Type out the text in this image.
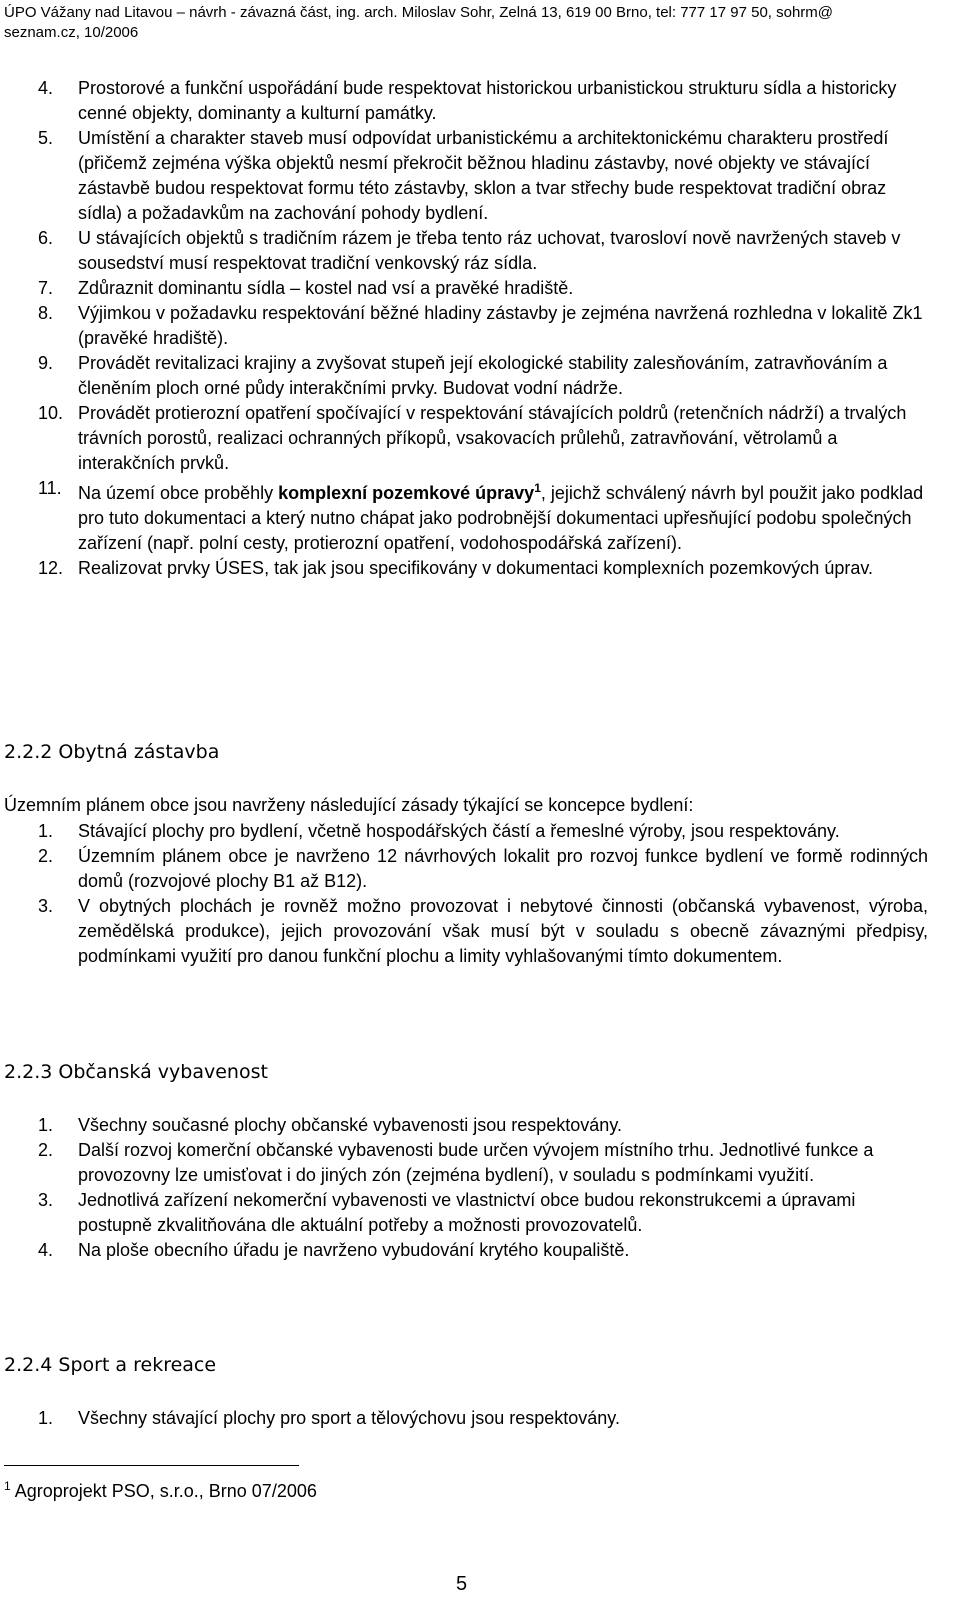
ÚPO Vážany nad Litavou – návrh - závazná část, ing. arch. Miloslav Sohr, Zelná 13, 619 00 Brno, tel: 777 17 97 50, sohrm@
seznam.cz, 10/2006
4. Prostorové a funkční uspořádání bude respektovat historickou urbanistickou strukturu sídla a historicky cenné objekty, dominanty a kulturní památky.
5. Umístění a charakter staveb musí odpovídat urbanistickému a architektonickému charakteru prostředí (přičemž zejména výška objektů nesmí překročit běžnou hladinu zástavby, nové objekty ve stávající zástavbě budou respektovat formu této zástavby, sklon a tvar střechy bude respektovat tradiční obraz sídla) a požadavkům na zachování pohody bydlení.
6. U stávajících objektů s tradičním rázem je třeba tento ráz uchovat, tvarosloví nově navržených staveb v sousedství musí respektovat tradiční venkovský ráz sídla.
7. Zdůraznit dominantu sídla – kostel nad vsí a pravěké hradiště.
8. Výjimkou v požadavku respektování běžné hladiny zástavby je zejména navržená rozhledna v lokalitě Zk1 (pravěké hradiště).
9. Provádět revitalizaci krajiny a zvyšovat stupeň její ekologické stability zalesňováním, zatravňováním a členěním ploch orné půdy interakčními prvky. Budovat vodní nádrže.
10. Provádět protierozní opatření spočívající v respektování stávajících poldrů (retenčních nádrží) a trvalých trávních porostů, realizaci ochranných příkopů, vsakovacích průlehů, zatravňování, větrolamů a interakčních prvků.
11. Na území obce proběhly komplexní pozemkové úpravy$^1$, jejichž schválený návrh byl použit jako podklad pro tuto dokumentaci a který nutno chápat jako podrobnější dokumentaci upřesňující podobu společných zařízení (např. polní cesty, protierozní opatření, vodohospodářská zařízení).
12. Realizovat prvky ÚSES, tak jak jsou specifikovány v dokumentaci komplexních pozemkových úprav.
2.2.2 Obytná zástavba

Územním plánem obce jsou navrženy následující zásady týkající se koncepce bydlení:

1. Stávající plochy pro bydlení, včetně hospodářských částí a řemeslné výroby, jsou respektovány.
2. Územním plánem obce je navrženo 12 návrhových lokalit pro rozvoj funkce bydlení ve formě rodinných domů (rozvojové plochy B1 až B12).
3. V obytných plochách je rovněž možno provozovat i nebytové činnosti (občanská vybavenost, výroba, zemědělská produkce), jejich provozování však musí být v souladu s obecně závaznými předpisy, podmínkami využití pro danou funkční plochu a limity vyhlašovanými tímto dokumentem.
2.2.3 Občanská vybavenost
1. Všechny současné plochy občanské vybavenosti jsou respektovány.
2. Další rozvoj komerční občanské vybavenosti bude určen vývojem místního trhu. Jednotlivé funkce a provozovny lze umisťovat i do jiných zón (zejména bydlení), v souladu s podmínkami využití.
3. Jednotlivá zařízení nekomerční vybavenosti ve vlastnictví obce budou rekonstrukcemi a úpravami postupně zkvalitňována dle aktuální potřeby a možnosti provozovatelů.
4. Na ploše obecního úřadu je navrženo vybudování krytého koupaliště.
2.2.4 Sport a rekreace
1. Všechny stávající plochy pro sport a tělovýchovu jsou respektovány.
$^1$ Agroprojekt PSO, s.r.o., Brno 07/2006
5
